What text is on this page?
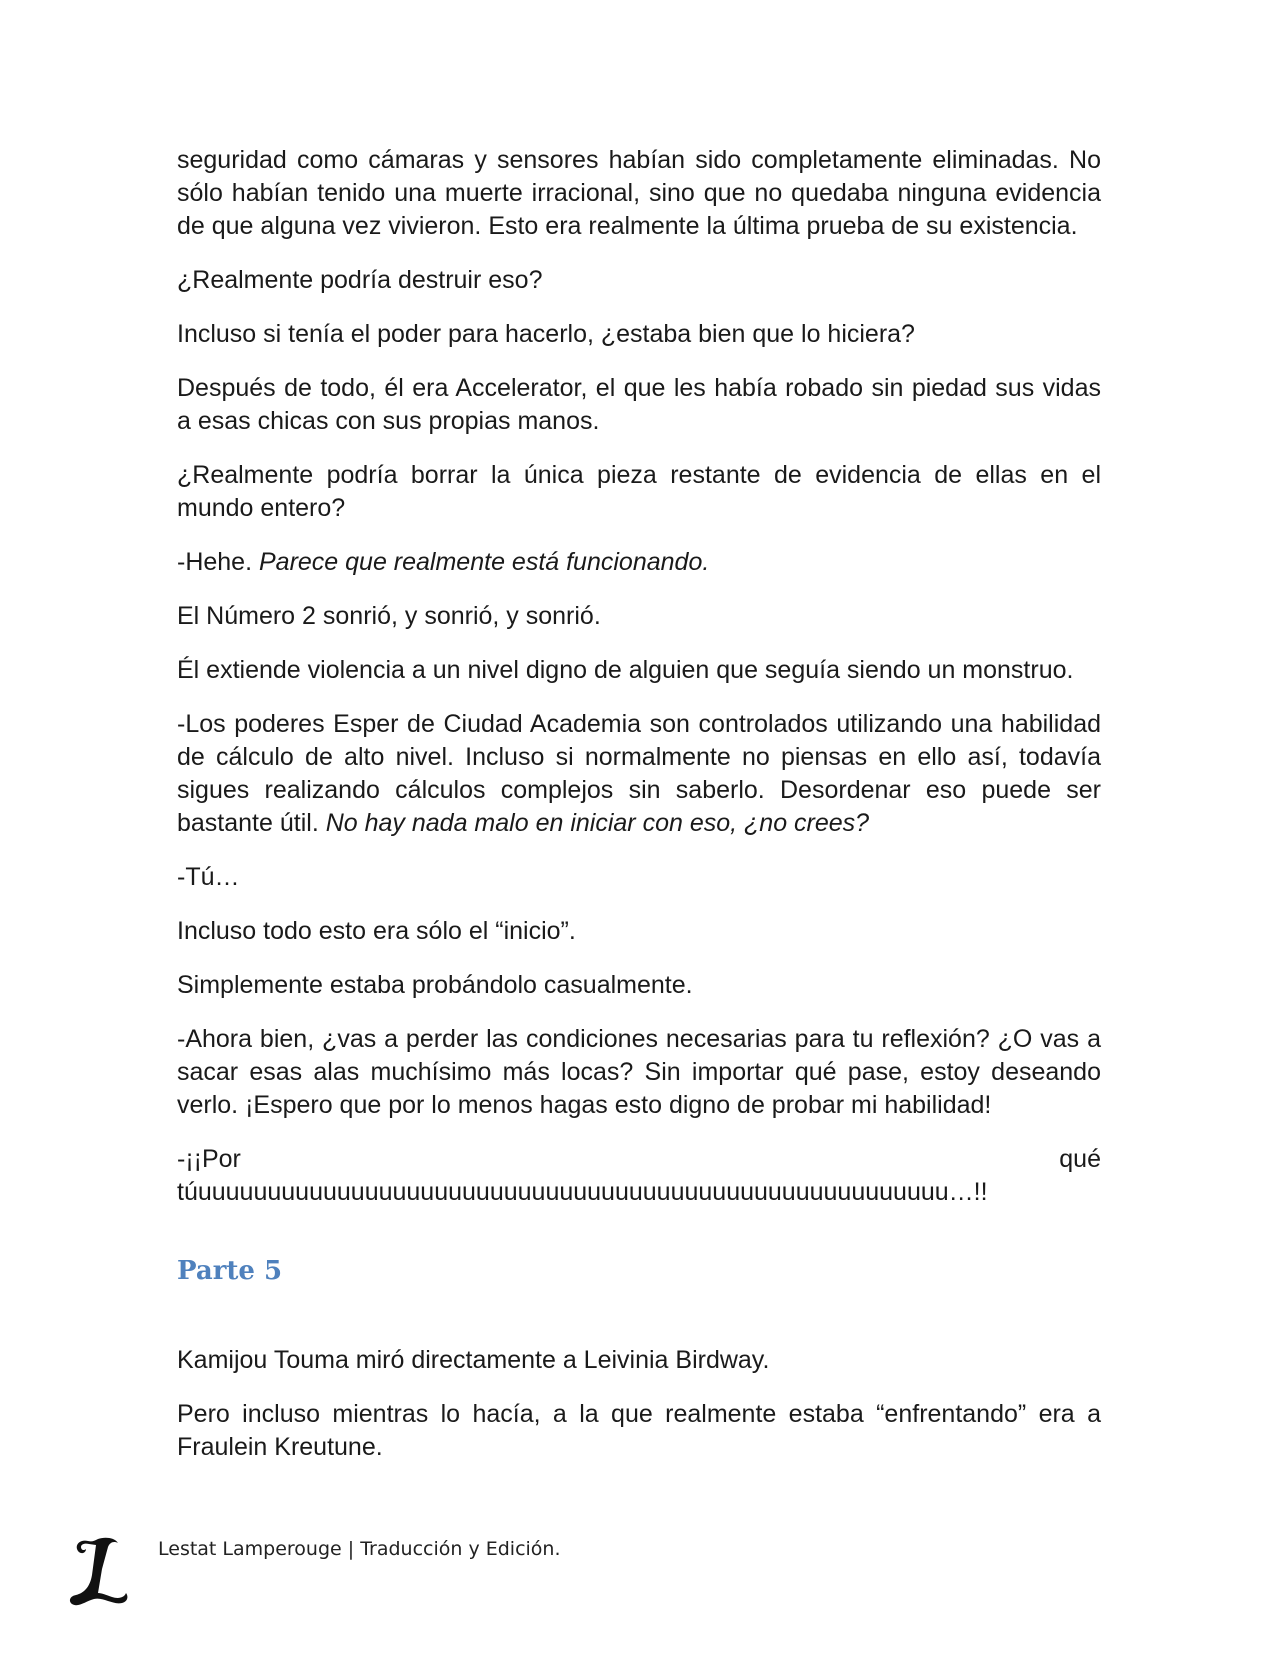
seguridad como cámaras y sensores habían sido completamente eliminadas. No sólo habían tenido una muerte irracional, sino que no quedaba ninguna evidencia de que alguna vez vivieron. Esto era realmente la última prueba de su existencia.

¿Realmente podría destruir eso?

Incluso si tenía el poder para hacerlo, ¿estaba bien que lo hiciera?

Después de todo, él era Accelerator, el que les había robado sin piedad sus vidas a esas chicas con sus propias manos.

¿Realmente podría borrar la única pieza restante de evidencia de ellas en el mundo entero?

-Hehe. Parece que realmente está funcionando.

El Número 2 sonrió, y sonrió, y sonrió.

Él extiende violencia a un nivel digno de alguien que seguía siendo un monstruo.

-Los poderes Esper de Ciudad Academia son controlados utilizando una habilidad de cálculo de alto nivel. Incluso si normalmente no piensas en ello así, todavía sigues realizando cálculos complejos sin saberlo. Desordenar eso puede ser bastante útil. No hay nada malo en iniciar con eso, ¿no crees?

-Tú…

Incluso todo esto era sólo el “inicio”.

Simplemente estaba probándolo casualmente.

-Ahora bien, ¿vas a perder las condiciones necesarias para tu reflexión? ¿O vas a sacar esas alas muchísimo más locas? Sin importar qué pase, estoy deseando verlo. ¡Espero que por lo menos hagas esto digno de probar mi habilidad!

-¡¡Por qué túuuuuuuuuuuuuuuuuuuuuuuuuuuuuuuuuuuuuuuuuuuuuuuuuuuuuuu…!!

Parte 5

Kamijou Touma miró directamente a Leivinia Birdway.

Pero incluso mientras lo hacía, a la que realmente estaba “enfrentando” era a Fraulein Kreutune.

Lestat Lamperouge | Traducción y Edición.
